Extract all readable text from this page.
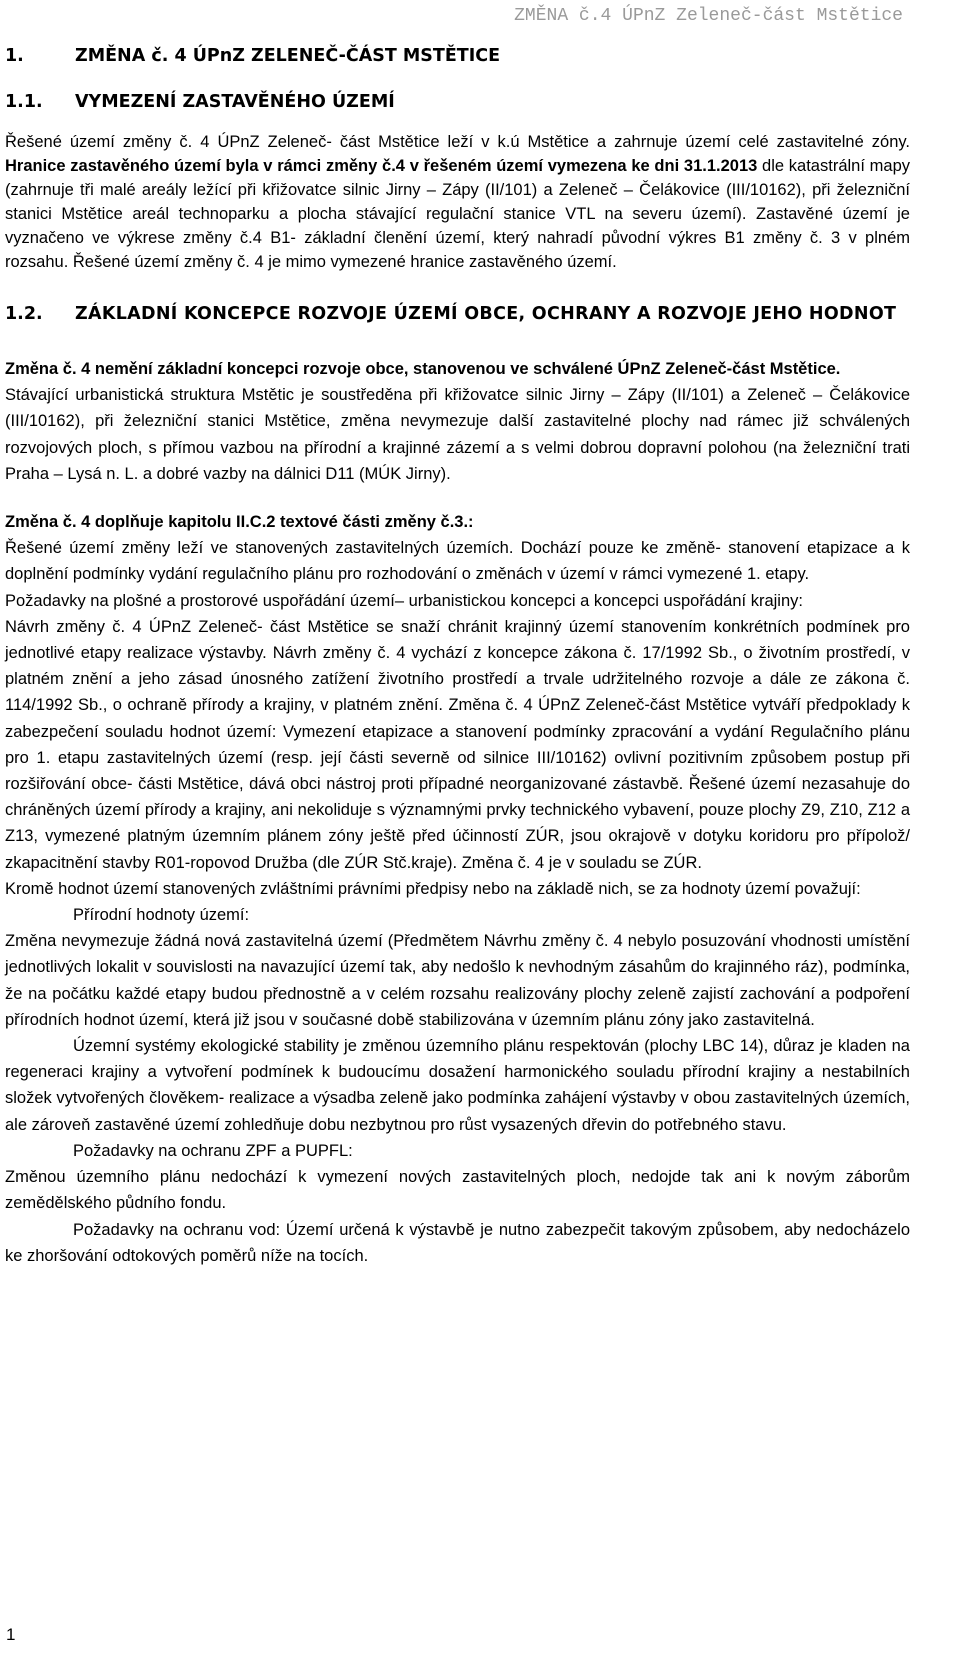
ZMĚNA č.4 ÚPnZ Zeleneč-část Mstětice

1.	ZMĚNA č. 4 ÚPnZ ZELENEČ-ČÁST MSTĚTICE
1.1.	VYMEZENÍ ZASTAVĚNÉHO ÚZEMÍ

Řešené území změny č. 4 ÚPnZ Zeleneč- část Mstětice leží v k.ú Mstětice a zahrnuje území celé zastavitelné zóny. Hranice zastavěného území byla v rámci změny č.4 v řešeném území vymezena ke dni 31.1.2013 dle katastrální mapy (zahrnuje tři malé areály ležící při křižovatce silnic Jirny – Zápy (II/101) a Zeleneč – Čelákovice (III/10162), při železniční stanici Mstětice areál technoparku a plocha stávající regulační stanice VTL na severu území). Zastavěné území je vyznačeno ve výkrese změny č.4 B1- základní členění území, který nahradí původní výkres B1 změny č. 3 v plném rozsahu. Řešené území změny č. 4 je mimo vymezené hranice zastavěného území.

1.2.	ZÁKLADNÍ KONCEPCE ROZVOJE ÚZEMÍ OBCE, OCHRANY A ROZVOJE JEHO HODNOT

Změna č. 4 nemění základní koncepci rozvoje obce, stanovenou ve schválené ÚPnZ Zeleneč-část Mstětice.

Stávající urbanistická struktura Mstětic je soustředěna při křižovatce silnic Jirny – Zápy (II/101) a Zeleneč – Čelákovice (III/10162), při železniční stanici Mstětice, změna nevymezuje další zastavitelné plochy nad rámec již schválených rozvojových ploch, s přímou vazbou na přírodní a krajinné zázemí a s velmi dobrou dopravní polohou (na železniční trati Praha – Lysá n. L. a dobré vazby na dálnici D11 (MÚK Jirny).

Změna č. 4 doplňuje kapitolu II.C.2 textové části změny č.3.:

Řešené území změny leží ve stanovených zastavitelných územích. Dochází pouze ke změně- stanovení etapizace a k doplnění podmínky vydání regulačního plánu pro rozhodování o změnách v území v rámci vymezené 1. etapy.

Požadavky na plošné a prostorové uspořádání území– urbanistickou koncepci a koncepci uspořádání krajiny:

Návrh změny č. 4 ÚPnZ Zeleneč- část Mstětice se snaží chránit krajinný území stanovením konkrétních podmínek pro jednotlivé etapy realizace výstavby. Návrh změny č. 4 vychází z koncepce zákona č. 17/1992 Sb., o životním prostředí, v platném znění a jeho zásad únosného zatížení životního prostředí a trvale udržitelného rozvoje a dále ze zákona č. 114/1992 Sb., o ochraně přírody a krajiny, v platném znění. Změna č. 4 ÚPnZ Zeleneč-část Mstětice vytváří předpoklady k zabezpečení souladu hodnot území: Vymezení etapizace a stanovení podmínky zpracování a vydání Regulačního plánu pro 1. etapu zastavitelných území (resp. její části severně od silnice III/10162) ovlivní pozitivním způsobem postup při rozšiřování obce- části Mstětice, dává obci nástroj proti případné neorganizované zástavbě. Řešené území nezasahuje do chráněných území přírody a krajiny, ani nekoliduje s významnými prvky technického vybavení, pouze plochy Z9, Z10, Z12 a Z13, vymezené platným územním plánem zóny ještě před účinností ZÚR, jsou okrajově v dotyku koridoru pro přípolož/ zkapacitnění stavby R01-ropovod Družba (dle ZÚR Stč.kraje). Změna č. 4 je v souladu se ZÚR.

Kromě hodnot území stanovených zvláštními právními předpisy nebo na základě nich, se za hodnoty území považují:

Přírodní hodnoty území:

Změna nevymezuje žádná nová zastavitelná území (Předmětem Návrhu změny č. 4 nebylo posuzování vhodnosti umístění jednotlivých lokalit v souvislosti na navazující území tak, aby nedošlo k nevhodným zásahům do krajinného ráz), podmínka, že na počátku každé etapy budou přednostně a v celém rozsahu realizovány plochy zeleně zajistí zachování a podpoření přírodních hodnot území, která již jsou v současné době stabilizována v územním plánu zóny jako zastavitelná.

Územní systémy ekologické stability je změnou územního plánu respektován (plochy LBC 14), důraz je kladen na regeneraci krajiny a vytvoření podmínek k budoucímu dosažení harmonického souladu přírodní krajiny a nestabilních složek vytvořených člověkem- realizace a výsadba zeleně jako podmínka zahájení výstavby v obou zastavitelných územích, ale zároveň zastavěné území zohledňuje dobu nezbytnou pro růst vysazených dřevin do potřebného stavu.

Požadavky na ochranu ZPF a PUPFL:

Změnou územního plánu nedochází k vymezení nových zastavitelných ploch, nedojde tak ani k novým záborům zemědělského půdního fondu.

Požadavky na ochranu vod: Území určená k výstavbě je nutno zabezpečit takovým způsobem, aby nedocházelo ke zhoršování odtokových poměrů níže na tocích.

1
